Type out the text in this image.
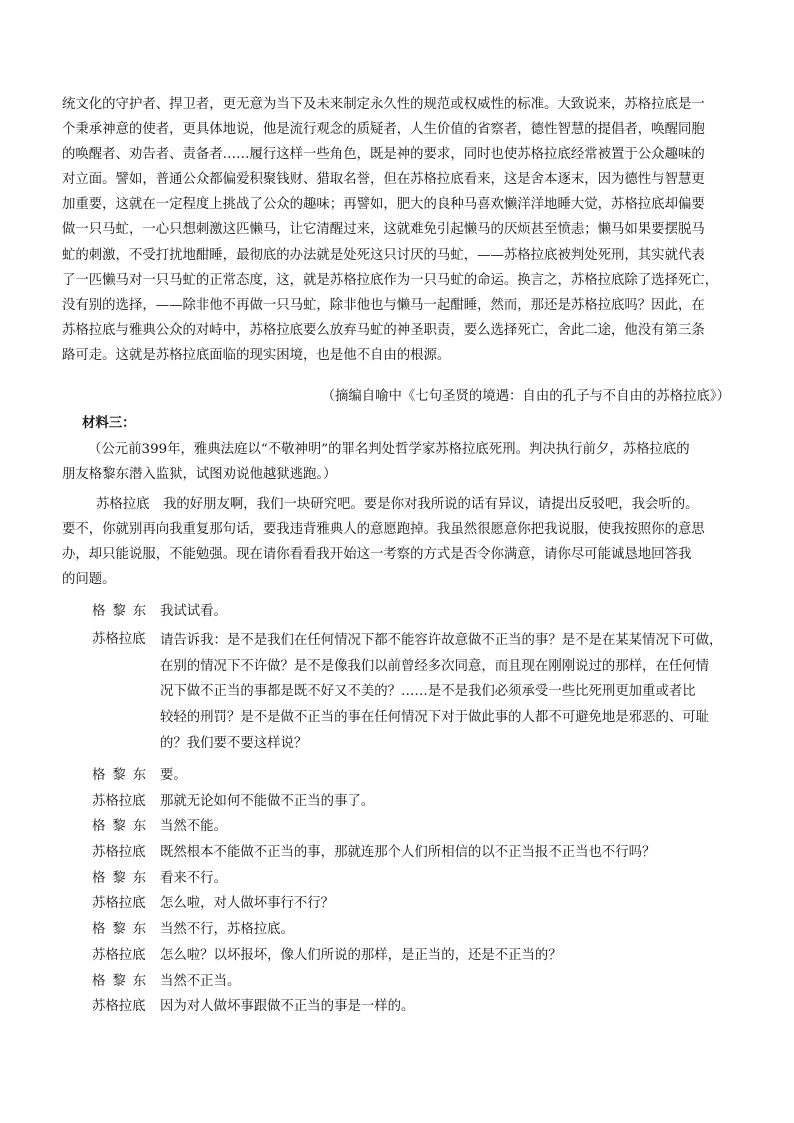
统文化的守护者、捍卫者，更无意为当下及未来制定永久性的规范或权威性的标准。大致说来，苏格拉底是一
个秉承神意的使者，更具体地说，他是流行观念的质疑者，人生价值的省察者，德性智慧的提倡者，唤醒同胞
的唤醒者、劝告者、责备者……履行这样一些角色，既是神的要求，同时也使苏格拉底经常被置于公众趣味的
对立面。譬如，普通公众都偏爱积聚钱财、猎取名誉，但在苏格拉底看来，这是舍本逐末，因为德性与智慧更
加重要，这就在一定程度上挑战了公众的趣味；再譬如，肥大的良种马喜欢懒洋洋地睡大觉，苏格拉底却偏要
做一只马虻，一心只想刺激这匹懒马，让它清醒过来，这就难免引起懒马的厌烦甚至愤恚；懒马如果要摆脱马
虻的刺激，不受打扰地酣睡，最彻底的办法就是处死这只讨厌的马虻，——苏格拉底被判处死刑，其实就代表
了一匹懒马对一只马虻的正常态度，这，就是苏格拉底作为一只马虻的命运。换言之，苏格拉底除了选择死亡，
没有别的选择，——除非他不再做一只马虻，除非他也与懒马一起酣睡，然而，那还是苏格拉底吗？因此，在
苏格拉底与雅典公众的对峙中，苏格拉底要么放弃马虻的神圣职责，要么选择死亡，舍此二途，他没有第三条
路可走。这就是苏格拉底面临的现实困境，也是他不自由的根源。
（摘编自喻中《七句圣贤的境遇：自由的孔子与不自由的苏格拉底》）
材料三：
（公元前399年，雅典法庭以“不敬神明”的罪名判处哲学家苏格拉底死刑。判决执行前夕，苏格拉底的
朋友格黎东潜入监狱，试图劝说他越狱逃跑。）
苏格拉底　我的好朋友啊，我们一块研究吧。要是你对我所说的话有异议，请提出反驳吧，我会听的。
要不，你就别再向我重复那句话，要我违背雅典人的意愿跑掉。我虽然很愿意你把我说服，使我按照你的意思
办，却只能说服，不能勉强。现在请你看看我开始这一考察的方式是否令你满意，请你尽可能诚恳地回答我
的问题。
格黎东 我试试看。
苏格拉底	请告诉我：是不是我们在任何情况下都不能容许故意做不正当的事？是不是在某某情况下可做，
在别的情况下不许做？是不是像我们以前曾经多次同意，而且现在刚刚说过的那样，在任何情
况下做不正当的事都是既不好又不美的？……是不是我们必须承受一些比死刑更加重或者比
较轻的刑罚？是不是做不正当的事在任何情况下对于做此事的人都不可避免地是邪恶的、可耻
的？我们要不要这样说？
格黎东 要。
苏格拉底	那就无论如何不能做不正当的事了。
格黎东 当然不能。
苏格拉底	既然根本不能做不正当的事，那就连那个人们所相信的以不正当报不正当也不行吗？
格黎东 看来不行。
苏格拉底	怎么啦，对人做坏事行不行？
格黎东 当然不行，苏格拉底。
苏格拉底	怎么啦？以坏报坏，像人们所说的那样，是正当的，还是不正当的？
格黎东 当然不正当。
苏格拉底	因为对人做坏事跟做不正当的事是一样的。
